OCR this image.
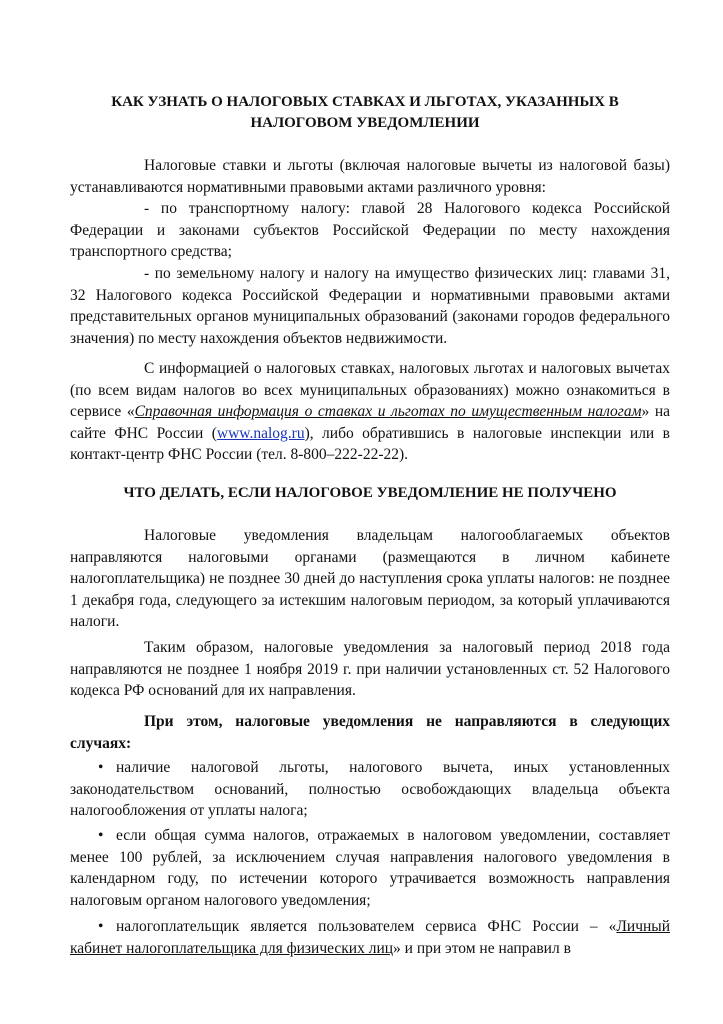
КАК УЗНАТЬ О НАЛОГОВЫХ СТАВКАХ И ЛЬГОТАХ, УКАЗАННЫХ В
НАЛОГОВОМ УВЕДОМЛЕНИИ

Налоговые ставки и льготы (включая налоговые вычеты из налоговой базы) устанавливаются нормативными правовыми актами различного уровня:

- по транспортному налогу: главой 28 Налогового кодекса Российской Федерации и законами субъектов Российской Федерации по месту нахождения транспортного средства;

- по земельному налогу и налогу на имущество физических лиц: главами 31, 32 Налогового кодекса Российской Федерации и нормативными правовыми актами представительных органов муниципальных образований (законами городов федерального значения) по месту нахождения объектов недвижимости.

С информацией о налоговых ставках, налоговых льготах и налоговых вычетах (по всем видам налогов во всех муниципальных образованиях) можно ознакомиться в сервисе «Справочная информация о ставках и льготах по имущественным налогам» на сайте ФНС России (www.nalog.ru), либо обратившись в налоговые инспекции или в контакт-центр ФНС России (тел. 8-800–222-22-22).

ЧТО ДЕЛАТЬ, ЕСЛИ НАЛОГОВОЕ УВЕДОМЛЕНИЕ НЕ ПОЛУЧЕНО

Налоговые уведомления владельцам налогооблагаемых объектов направляются налоговыми органами (размещаются в личном кабинете налогоплательщика) не позднее 30 дней до наступления срока уплаты налогов: не позднее 1 декабря года, следующего за истекшим налоговым периодом, за который уплачиваются налоги.

Таким образом, налоговые уведомления за налоговый период 2018 года направляются не позднее 1 ноября 2019 г. при наличии установленных ст. 52 Налогового кодекса РФ оснований для их направления.

При этом, налоговые уведомления не направляются в следующих случаях:

• наличие налоговой льготы, налогового вычета, иных установленных законодательством оснований, полностью освобождающих владельца объекта налогообложения от уплаты налога;
• если общая сумма налогов, отражаемых в налоговом уведомлении, составляет менее 100 рублей, за исключением случая направления налогового уведомления в календарном году, по истечении которого утрачивается возможность направления налоговым органом налогового уведомления;
• налогоплательщик является пользователем сервиса ФНС России – «Личный кабинет налогоплательщика для физических лиц» и при этом не направил в
